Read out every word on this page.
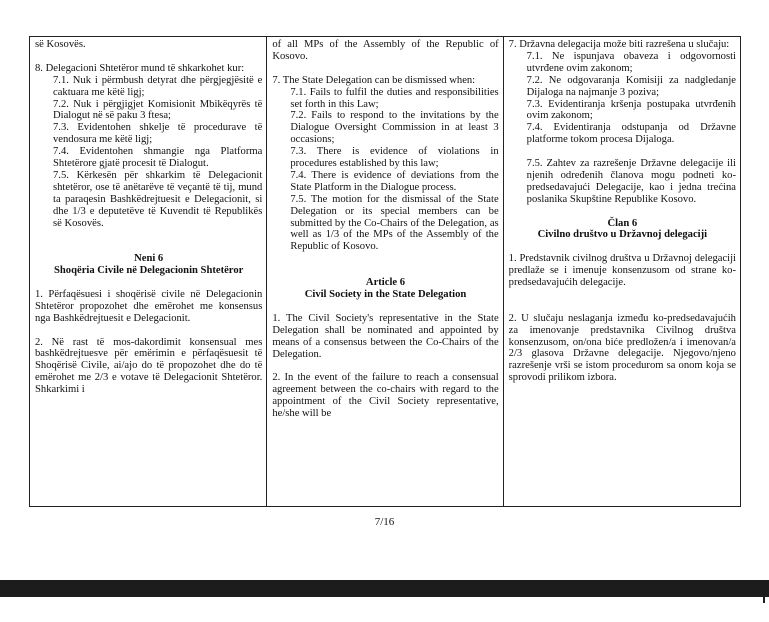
së Kosovës.

8. Delegacioni Shtetëror mund të shkarkohet kur:

7.1. Nuk i përmbush detyrat dhe përgjegjësitë e caktuara me këtë ligj;

7.2. Nuk i përgjigjet Komisionit Mbikëqyrës të Dialogut në së paku 3 ftesa;

7.3. Evidentohen shkelje të procedurave të vendosura me këtë ligj;

7.4. Evidentohen shmangie nga Platforma Shtetërore gjatë procesit të Dialogut.

7.5. Kërkesën për shkarkim të Delegacionit shtetëror, ose të anëtarëve të veçantë të tij, mund ta paraqesin Bashkëdrejtuesit e Delegacionit, si dhe 1/3 e deputetëve të Kuvendit të Republikës së Kosovës.

Neni 6

Shoqëria Civile në Delegacionin Shtetëror

1. Përfaqësuesi i shoqërisë civile në Delegacionin Shtetëror propozohet dhe emërohet me konsensus nga Bashkëdrejtuesit e Delegacionit.

2. Në rast të mos-dakordimit konsensual mes bashkëdrejtuesve për emërimin e përfaqësuesit të Shoqërisë Civile, ai/ajo do të propozohet dhe do të emërohet me 2/3 e votave të Delegacionit Shtetëror. Shkarkimi i

of all MPs of the Assembly of the Republic of Kosovo.

7. The State Delegation can be dismissed when:

7.1. Fails to fulfil the duties and responsibilities set forth in this Law;

7.2. Fails to respond to the invitations by the Dialogue Oversight Commission in at least 3 occasions;

7.3. There is evidence of violations in procedures established by this law;

7.4. There is evidence of deviations from the State Platform in the Dialogue process.

7.5. The motion for the dismissal of the State Delegation or its special members can be submitted by the Co-Chairs of the Delegation, as well as 1/3 of the MPs of the Assembly of the Republic of Kosovo.

Article 6

Civil Society in the State Delegation

1. The Civil Society's representative in the State Delegation shall be nominated and appointed by means of a consensus between the Co-Chairs of the Delegation.

2. In the event of the failure to reach a consensual agreement between the co-chairs with regard to the appointment of the Civil Society representative, he/she will be

7. Državna delegacija može biti razrešena u slučaju:

7.1. Ne ispunjava obaveza i odgovornosti utvrđene ovim zakonom;

7.2. Ne odgovaranja Komisiji za nadgledanje Dijaloga na najmanje 3 poziva;

7.3. Evidentiranja kršenja postupaka utvrđenih ovim zakonom;

7.4. Evidentiranja odstupanja od Državne platforme tokom procesa Dijaloga.

7.5. Zahtev za razrešenje Državne delegacije ili njenih određenih članova mogu podneti ko-predsedavajući Delegacije, kao i jedna trećina poslanika Skupštine Republike Kosovo.

Član 6

Civilno društvo u Državnoj delegaciji

1. Predstavnik civilnog društva u Državnoj delegaciji predlaže se i imenuje konsenzusom od strane ko-predsedavajućih delegacije.

2. U slučaju neslaganja između ko-predsedavajućih za imenovanje predstavnika Civilnog društva konsenzusom, on/ona biće predložen/a i imenovan/a 2/3 glasova Državne delegacije. Njegovo/njeno razrešenje vrši se istom procedurom sa onom koja se sprovodi prilikom izbora.

7/16
